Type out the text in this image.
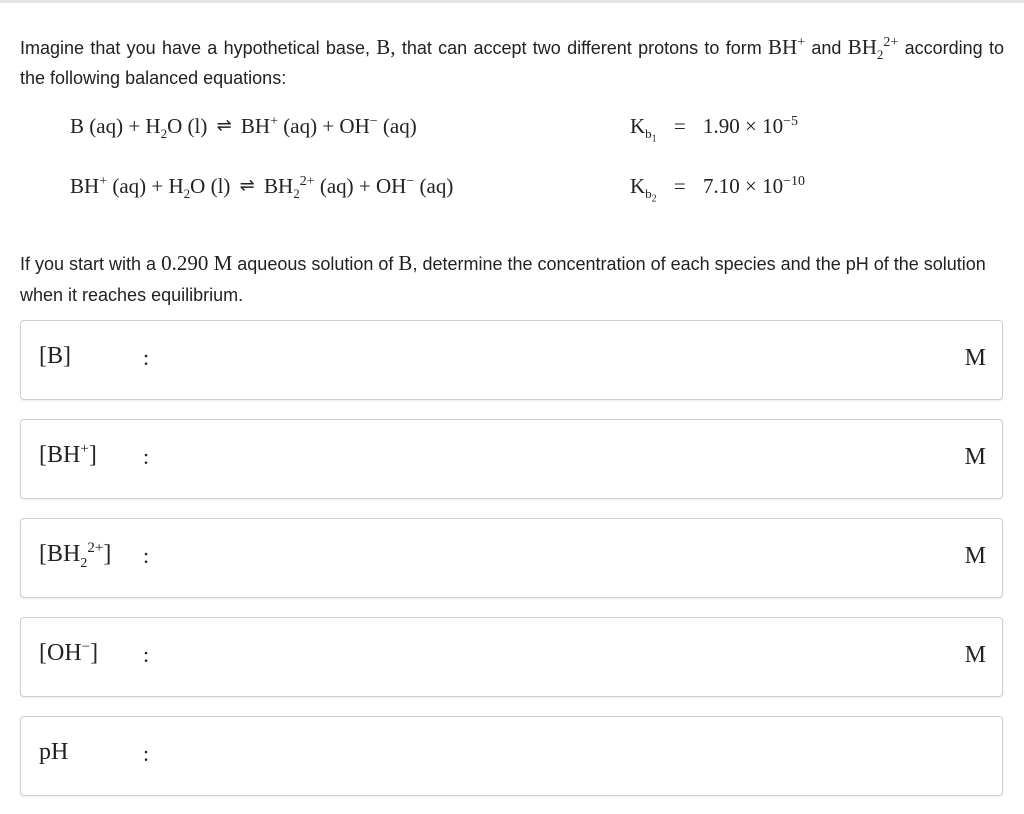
Imagine that you have a hypothetical base, B, that can accept two different protons to form BH+ and $BH_2^{2+}$ according to the following balanced equations:
B $(aq) + H_2O$ (l) ⇌ BH+ (aq) + OH− (aq)	$K_{b_1} = 1.90 \times 10^{-5}$
BH+ $(aq) + H_2O$ (l) ⇌ $BH_2^{2+}$ (aq) + OH− (aq)	$K_{b_2} = 7.10 \times 10^{-10}$
If you start with a 0.290 M aqueous solution of B, determine the concentration of each species and the pH of the solution when it reaches equilibrium.
[B]	:	M
[BH+] :	M
$[BH_2^{2+}]$ :	M
[OH−] :	M
pH	:
